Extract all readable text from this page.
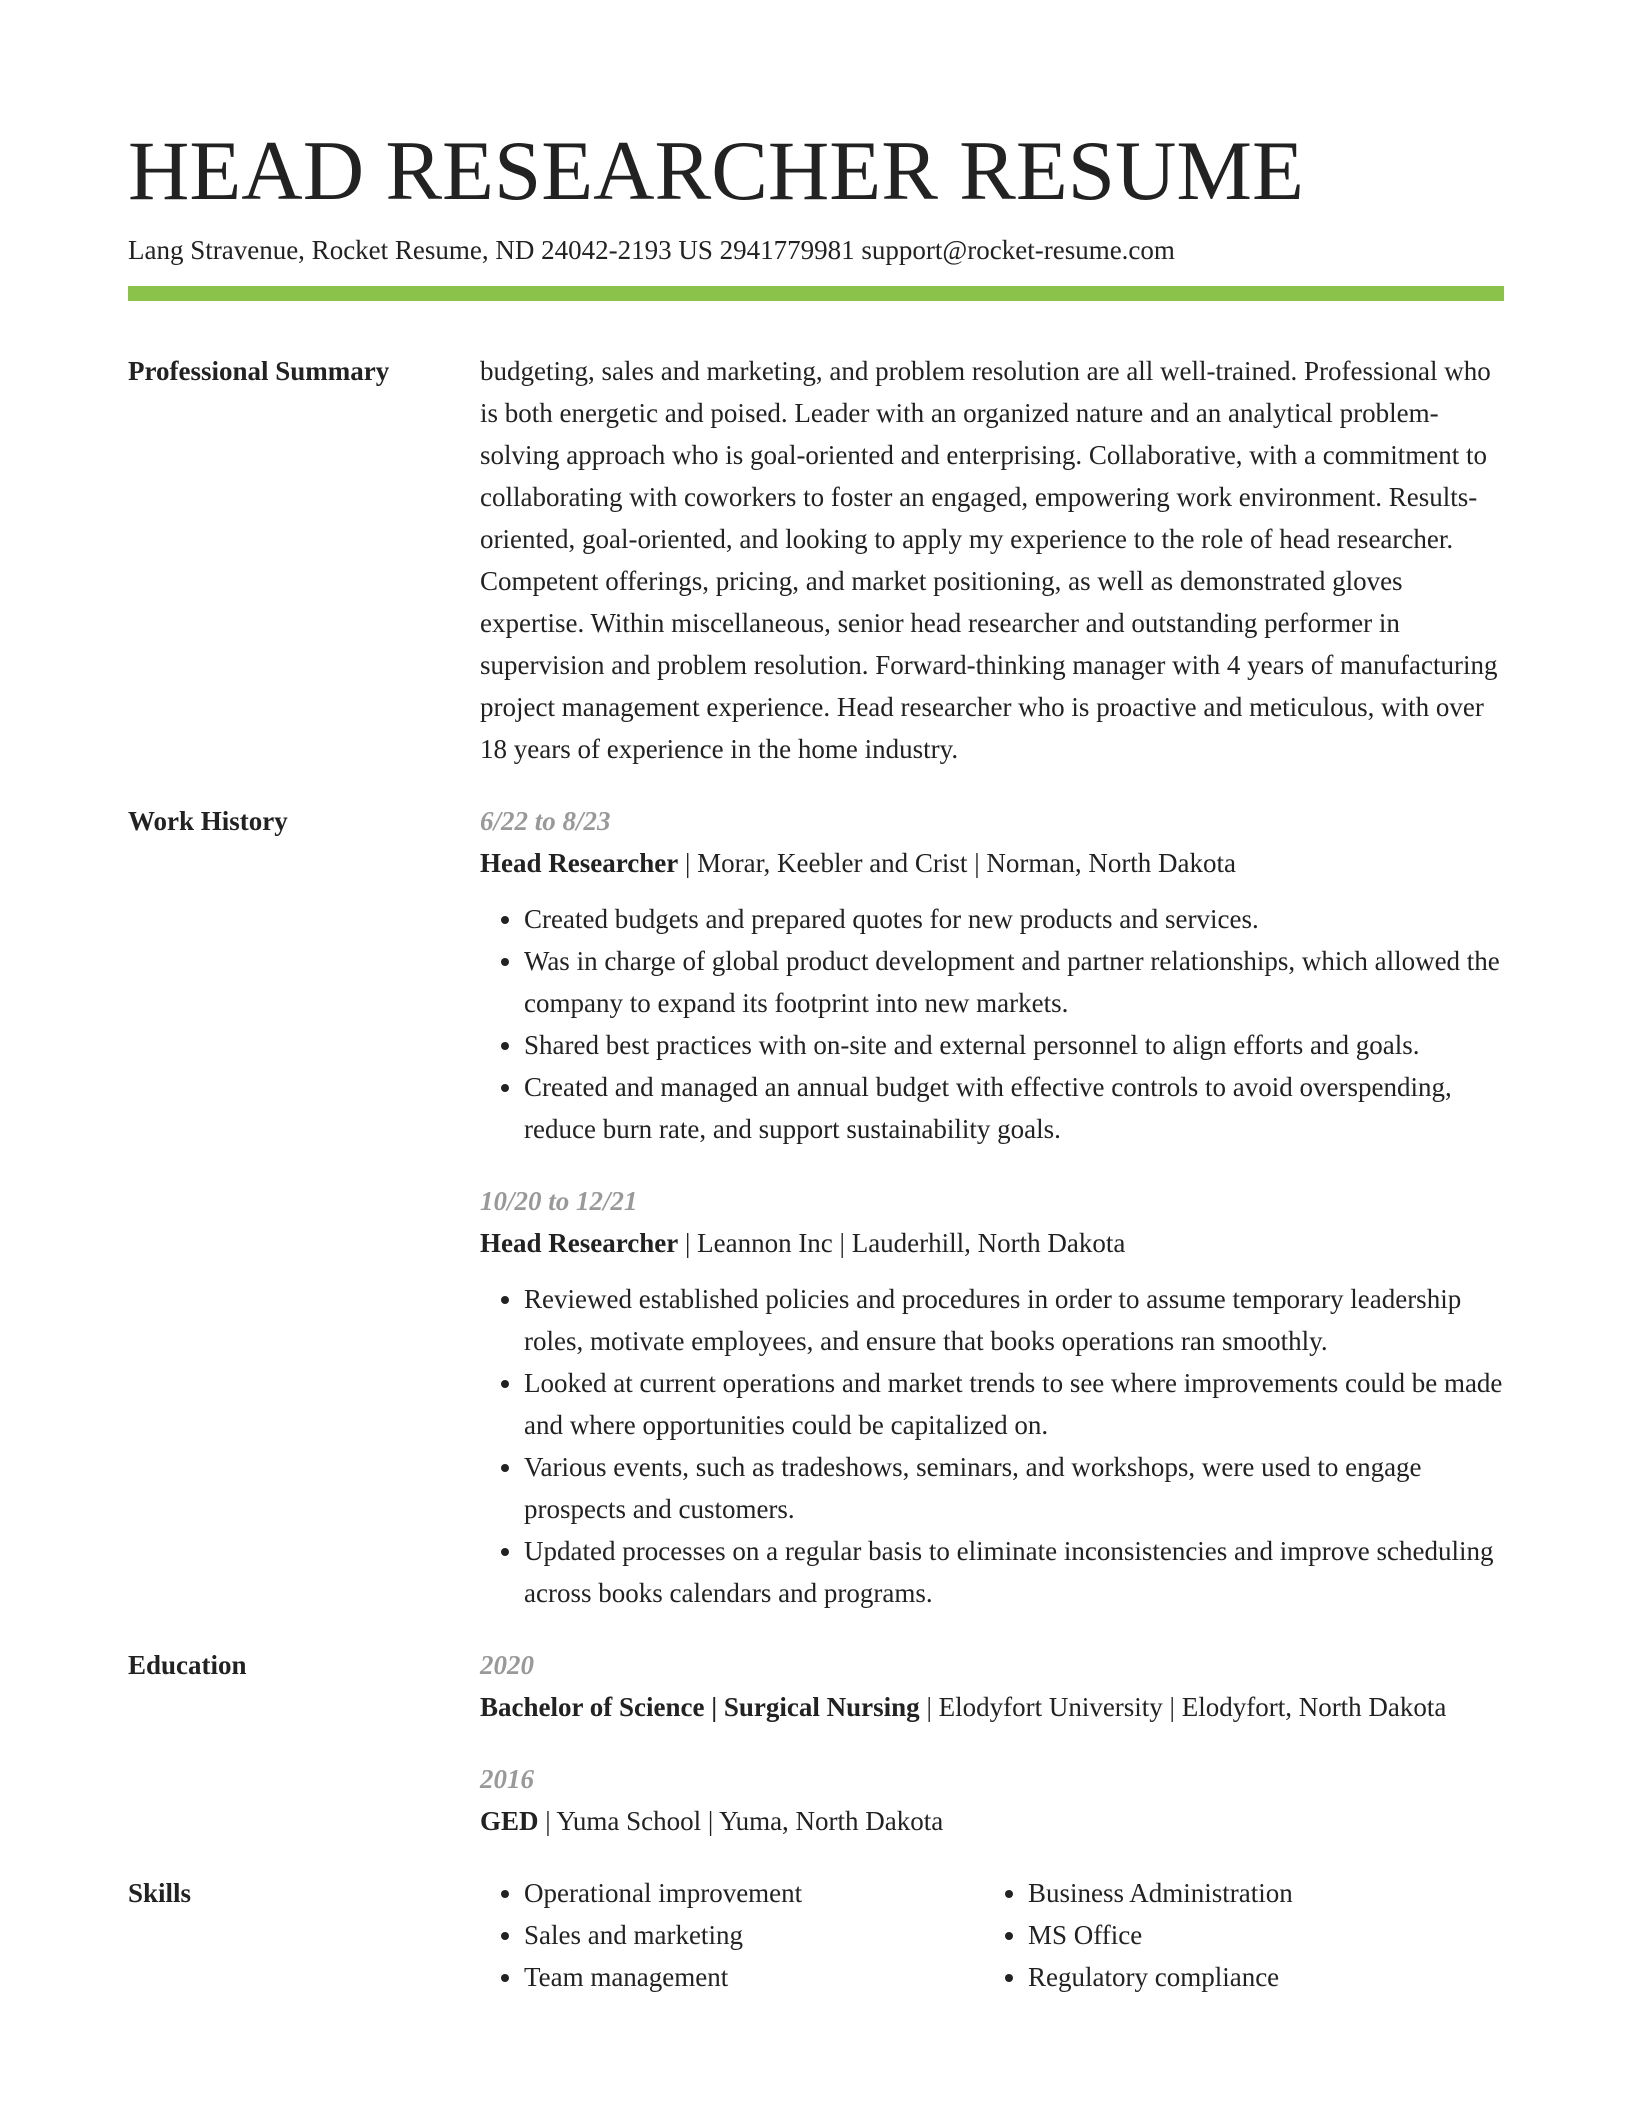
HEAD RESEARCHER RESUME
Lang Stravenue, Rocket Resume, ND 24042-2193 US 2941779981 support@rocket-resume.com
Professional Summary	budgeting, sales and marketing, and problem resolution are all well-trained. Professional who is both energetic and poised. Leader with an organized nature and an analytical problem-solving approach who is goal-oriented and enterprising. Collaborative, with a commitment to collaborating with coworkers to foster an engaged, empowering work environment. Results-oriented, goal-oriented, and looking to apply my experience to the role of head researcher. Competent offerings, pricing, and market positioning, as well as demonstrated gloves expertise. Within miscellaneous, senior head researcher and outstanding performer in supervision and problem resolution. Forward-thinking manager with 4 years of manufacturing project management experience. Head researcher who is proactive and meticulous, with over 18 years of experience in the home industry.

Work History	6/22 to 8/23
Head Researcher | Morar, Keebler and Crist | Norman, North Dakota
• Created budgets and prepared quotes for new products and services.
• Was in charge of global product development and partner relationships, which allowed the company to expand its footprint into new markets.
• Shared best practices with on-site and external personnel to align efforts and goals.
• Created and managed an annual budget with effective controls to avoid overspending, reduce burn rate, and support sustainability goals.
10/20 to 12/21
Head Researcher | Leannon Inc | Lauderhill, North Dakota
• Reviewed established policies and procedures in order to assume temporary leadership roles, motivate employees, and ensure that books operations ran smoothly.
• Looked at current operations and market trends to see where improvements could be made and where opportunities could be capitalized on.
• Various events, such as tradeshows, seminars, and workshops, were used to engage prospects and customers.
• Updated processes on a regular basis to eliminate inconsistencies and improve scheduling across books calendars and programs.
Education	2020
Bachelor of Science | Surgical Nursing | Elodyfort University | Elodyfort, North Dakota
2016
GED | Yuma School | Yuma, North Dakota
Skills
•	Operational improvement
• Sales and marketing
• Team management
• Business Administration
• MS Office
• Regulatory compliance
